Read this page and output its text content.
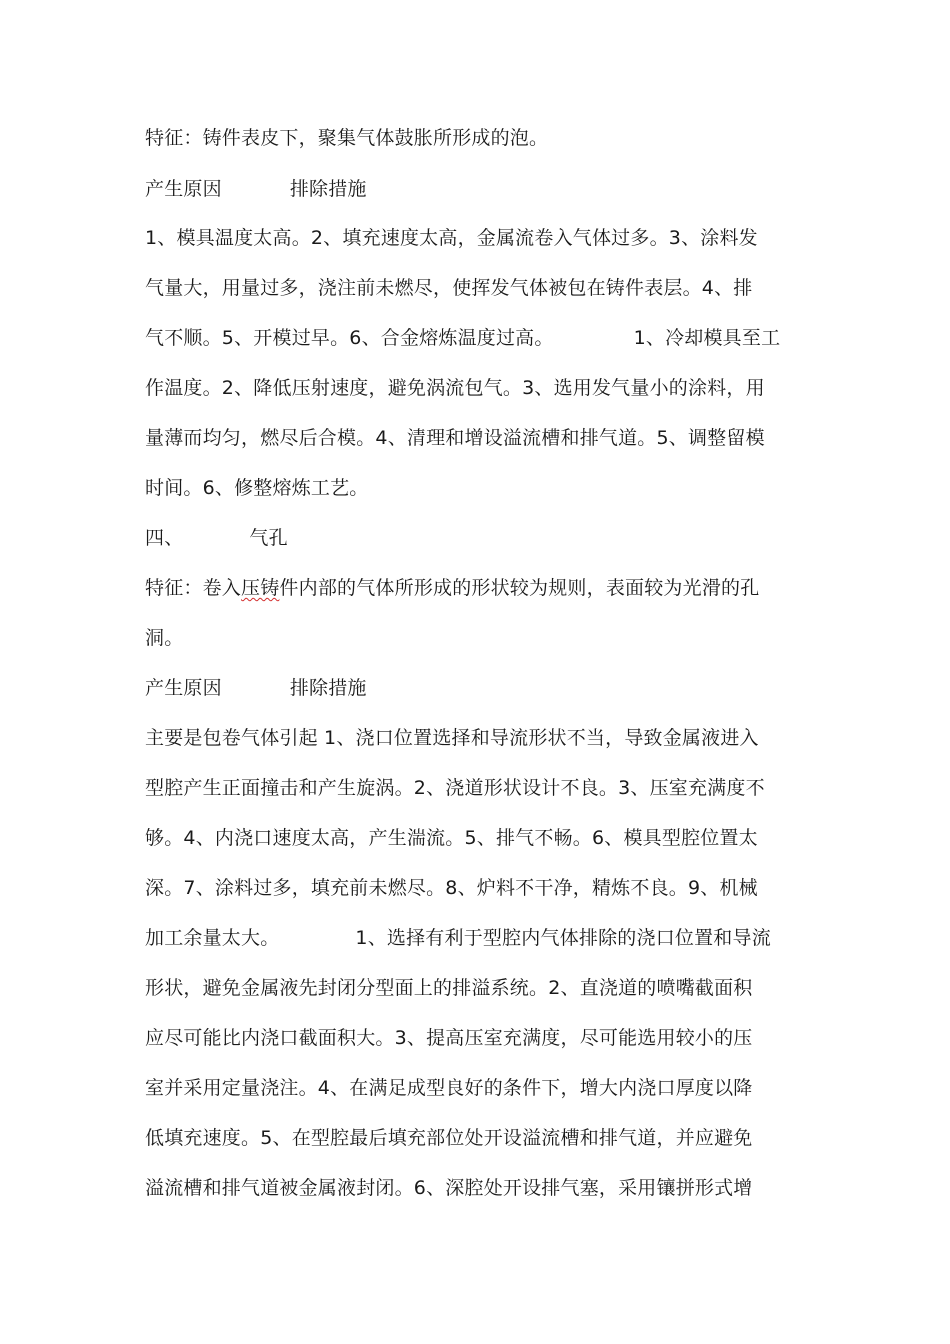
特征：铸件表皮下，聚集气体鼓胀所形成的泡。
产生原因	排除措施
1、模具温度太高。2、填充速度太高，金属流卷入气体过多。3、涂料发
气量大，用量过多，浇注前未燃尽，使挥发气体被包在铸件表层。4、排
气不顺。5、开模过早。6、合金熔炼温度过高。	1、冷却模具至工
作温度。2、降低压射速度，避免涡流包气。3、选用发气量小的涂料，用
量薄而均匀，燃尽后合模。4、清理和增设溢流槽和排气道。5、调整留模
时间。6、修整熔炼工艺。
四、	气孔
特征：卷入压铸件内部的气体所形成的形状较为规则，表面较为光滑的孔
洞。
产生原因	排除措施
主要是包卷气体引起 1、浇口位置选择和导流形状不当，导致金属液进入
型腔产生正面撞击和产生旋涡。2、浇道形状设计不良。3、压室充满度不
够。4、内浇口速度太高，产生湍流。5、排气不畅。6、模具型腔位置太
深。7、涂料过多，填充前未燃尽。8、炉料不干净，精炼不良。9、机械
加工余量太大。	1、选择有利于型腔内气体排除的浇口位置和导流
形状，避免金属液先封闭分型面上的排溢系统。2、直浇道的喷嘴截面积
应尽可能比内浇口截面积大。3、提高压室充满度，尽可能选用较小的压
室并采用定量浇注。4、在满足成型良好的条件下，增大内浇口厚度以降
低填充速度。5、在型腔最后填充部位处开设溢流槽和排气道，并应避免
溢流槽和排气道被金属液封闭。6、深腔处开设排气塞，采用镶拼形式增
